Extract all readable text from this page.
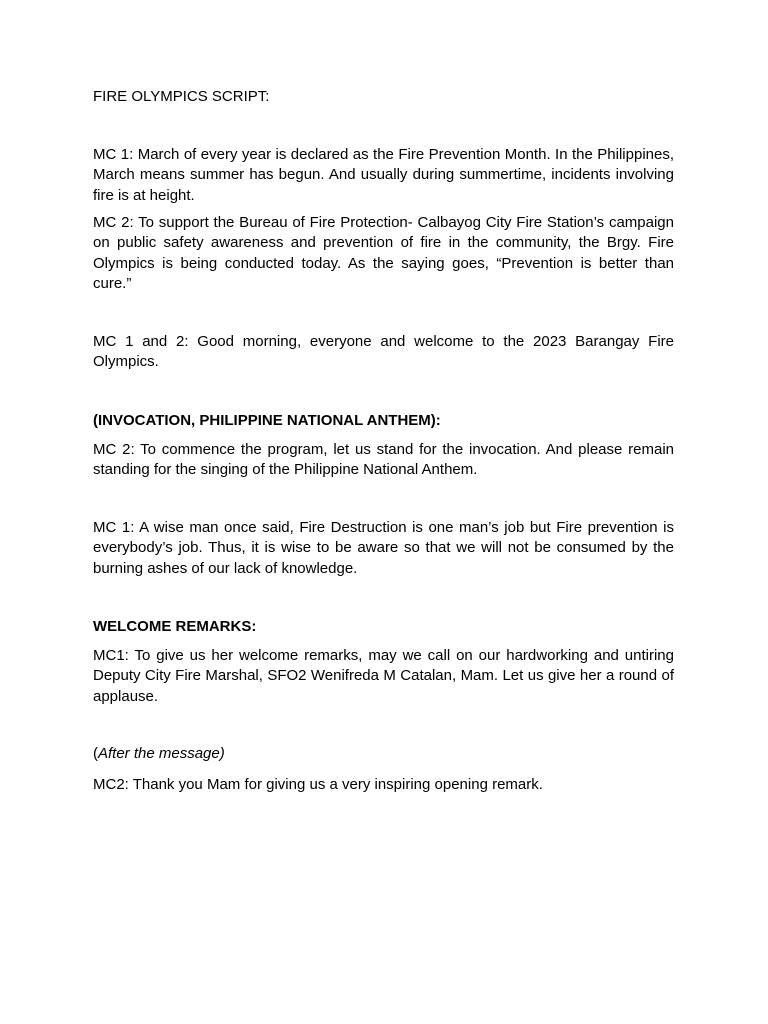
FIRE OLYMPICS SCRIPT:

MC 1: March of every year is declared as the Fire Prevention Month. In the Philippines, March means summer has begun. And usually during summertime, incidents involving fire is at height.

MC 2: To support the Bureau of Fire Protection- Calbayog City Fire Station’s campaign on public safety awareness and prevention of fire in the community, the Brgy. Fire Olympics is being conducted today. As the saying goes, “Prevention is better than cure.”

MC 1 and 2: Good morning, everyone and welcome to the 2023 Barangay Fire Olympics.

(INVOCATION, PHILIPPINE NATIONAL ANTHEM):

MC 2: To commence the program, let us stand for the invocation. And please remain standing for the singing of the Philippine National Anthem.

MC 1: A wise man once said, Fire Destruction is one man’s job but Fire prevention is everybody’s job. Thus, it is wise to be aware so that we will not be consumed by the burning ashes of our lack of knowledge.

WELCOME REMARKS:

MC1: To give us her welcome remarks, may we call on our hardworking and untiring Deputy City Fire Marshal, SFO2 Wenifreda M Catalan, Mam. Let us give her a round of applause.

(After the message)

MC2: Thank you Mam for giving us a very inspiring opening remark.
